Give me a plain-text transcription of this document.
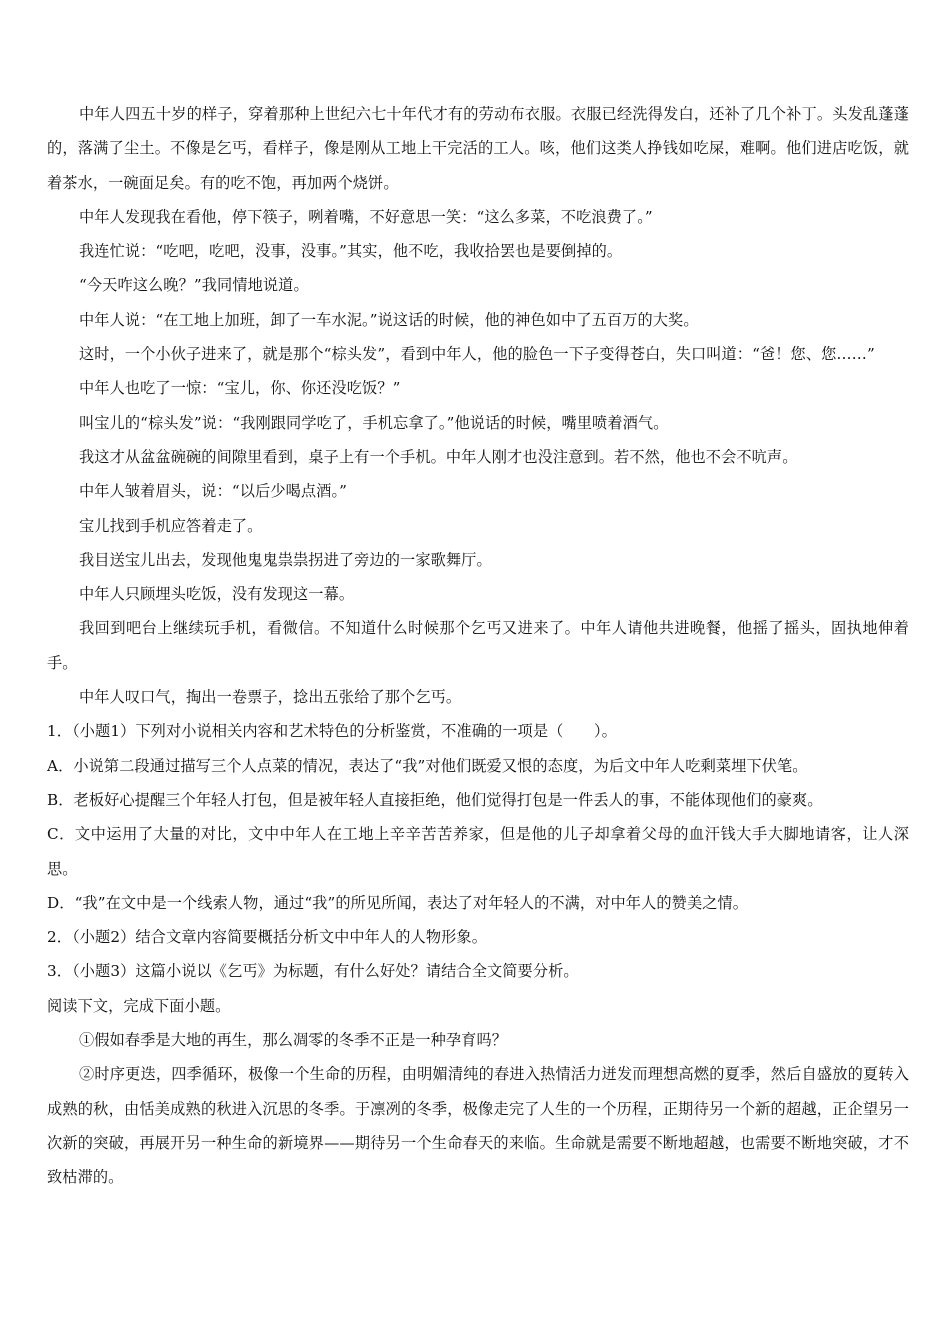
中年人四五十岁的样子，穿着那种上世纪六七十年代才有的劳动布衣服。衣服已经洗得发白，还补了几个补丁。头发乱蓬蓬的，落满了尘土。不像是乞丐，看样子，像是刚从工地上干完活的工人。咳，他们这类人挣钱如吃屎，难啊。他们进店吃饭，就着茶水，一碗面足矣。有的吃不饱，再加两个烧饼。

中年人发现我在看他，停下筷子，咧着嘴，不好意思一笑：“这么多菜，不吃浪费了。”

我连忙说：“吃吧，吃吧，没事，没事。”其实，他不吃，我收拾罢也是要倒掉的。

“今天咋这么晚？”我同情地说道。

中年人说：“在工地上加班，卸了一车水泥。”说这话的时候，他的神色如中了五百万的大奖。

这时，一个小伙子进来了，就是那个“棕头发”，看到中年人，他的脸色一下子变得苍白，失口叫道：“爸！您、您……”

中年人也吃了一惊：“宝儿，你、你还没吃饭？”

叫宝儿的“棕头发”说：“我刚跟同学吃了，手机忘拿了。”他说话的时候，嘴里喷着酒气。

我这才从盆盆碗碗的间隙里看到，桌子上有一个手机。中年人刚才也没注意到。若不然，他也不会不吭声。

中年人皱着眉头，说：“以后少喝点酒。”

宝儿找到手机应答着走了。

我目送宝儿出去，发现他鬼鬼祟祟拐进了旁边的一家歌舞厅。

中年人只顾埋头吃饭，没有发现这一幕。

我回到吧台上继续玩手机，看微信。不知道什么时候那个乞丐又进来了。中年人请他共进晚餐，他摇了摇头，固执地伸着手。

中年人叹口气，掏出一卷票子，捻出五张给了那个乞丐。

1．（小题1）下列对小说相关内容和艺术特色的分析鉴赏，不准确的一项是（　　）。

A．小说第二段通过描写三个人点菜的情况，表达了“我”对他们既爱又恨的态度，为后文中年人吃剩菜埋下伏笔。

B．老板好心提醒三个年轻人打包，但是被年轻人直接拒绝，他们觉得打包是一件丢人的事，不能体现他们的豪爽。

C．文中运用了大量的对比，文中中年人在工地上辛辛苦苦养家，但是他的儿子却拿着父母的血汗钱大手大脚地请客，让人深思。

D．“我”在文中是一个线索人物，通过“我”的所见所闻，表达了对年轻人的不满，对中年人的赞美之情。

2．（小题2）结合文章内容简要概括分析文中中年人的人物形象。

3．（小题3）这篇小说以《乞丐》为标题，有什么好处？请结合全文简要分析。

阅读下文，完成下面小题。

①假如春季是大地的再生，那么凋零的冬季不正是一种孕育吗？

②时序更迭，四季循环，极像一个生命的历程，由明媚清纯的春进入热情活力迸发而理想高燃的夏季，然后自盛放的夏转入成熟的秋，由恬美成熟的秋进入沉思的冬季。于凛冽的冬季，极像走完了人生的一个历程，正期待另一个新的超越，正企望另一次新的突破，再展开另一种生命的新境界——期待另一个生命春天的来临。生命就是需要不断地超越，也需要不断地突破，才不致枯滞的。
